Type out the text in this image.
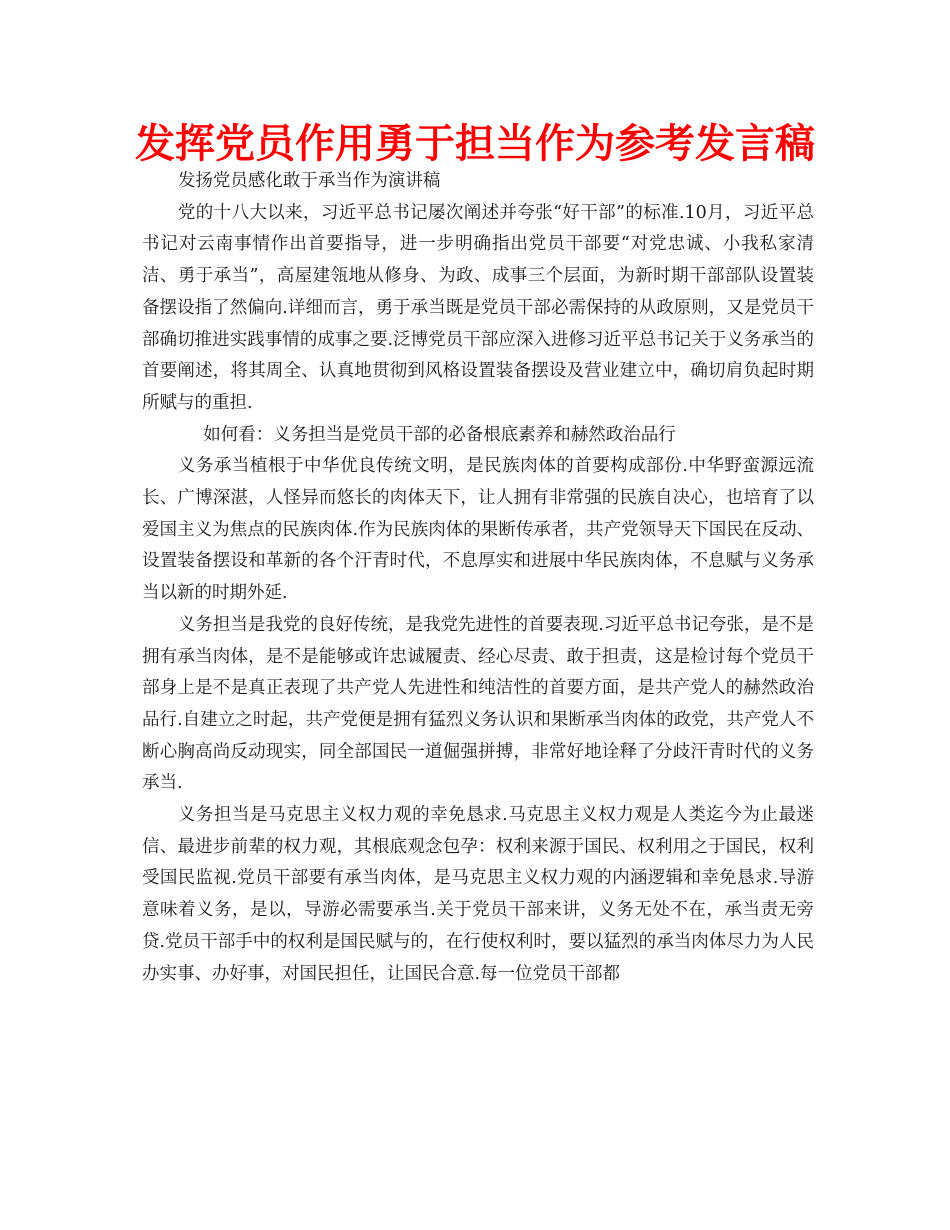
发挥党员作用勇于担当作为参考发言稿

发扬党员感化敢于承当作为演讲稿

党的十八大以来，习近平总书记屡次阐述并夸张“好干部”的标准.10月，习近平总书记对云南事情作出首要指导，进一步明确指出党员干部要“对党忠诚、小我私家清洁、勇于承当”，高屋建瓴地从修身、为政、成事三个层面，为新时期干部部队设置装备摆设指了然偏向.详细而言，勇于承当既是党员干部必需保持的从政原则，又是党员干部确切推进实践事情的成事之要.泛博党员干部应深入进修习近平总书记关于义务承当的首要阐述，将其周全、认真地贯彻到风格设置装备摆设及营业建立中，确切肩负起时期所赋与的重担.

如何看：义务担当是党员干部的必备根底素养和赫然政治品行

义务承当植根于中华优良传统文明，是民族肉体的首要构成部份.中华野蛮源远流长、广博深湛，人怪异而悠长的肉体天下，让人拥有非常强的民族自决心，也培育了以爱国主义为焦点的民族肉体.作为民族肉体的果断传承者，共产党领导天下国民在反动、设置装备摆设和革新的各个汗青时代，不息厚实和进展中华民族肉体，不息赋与义务承当以新的时期外延.

义务担当是我党的良好传统，是我党先进性的首要表现.习近平总书记夸张，是不是拥有承当肉体，是不是能够或许忠诚履责、经心尽责、敢于担责，这是检讨每个党员干部身上是不是真正表现了共产党人先进性和纯洁性的首要方面，是共产党人的赫然政治品行.自建立之时起，共产党便是拥有猛烈义务认识和果断承当肉体的政党，共产党人不断心胸高尚反动现实，同全部国民一道倔强拼搏，非常好地诠释了分歧汗青时代的义务承当.

义务担当是马克思主义权力观的幸免恳求.马克思主义权力观是人类迄今为止最迷信、最进步前辈的权力观，其根底观念包孕：权利来源于国民、权利用之于国民，权利受国民监视.党员干部要有承当肉体，是马克思主义权力观的内涵逻辑和幸免恳求.导游意味着义务，是以，导游必需要承当.关于党员干部来讲，义务无处不在，承当责无旁贷.党员干部手中的权利是国民赋与的，在行使权利时，要以猛烈的承当肉体尽力为人民办实事、办好事，对国民担任，让国民合意.每一位党员干部都
